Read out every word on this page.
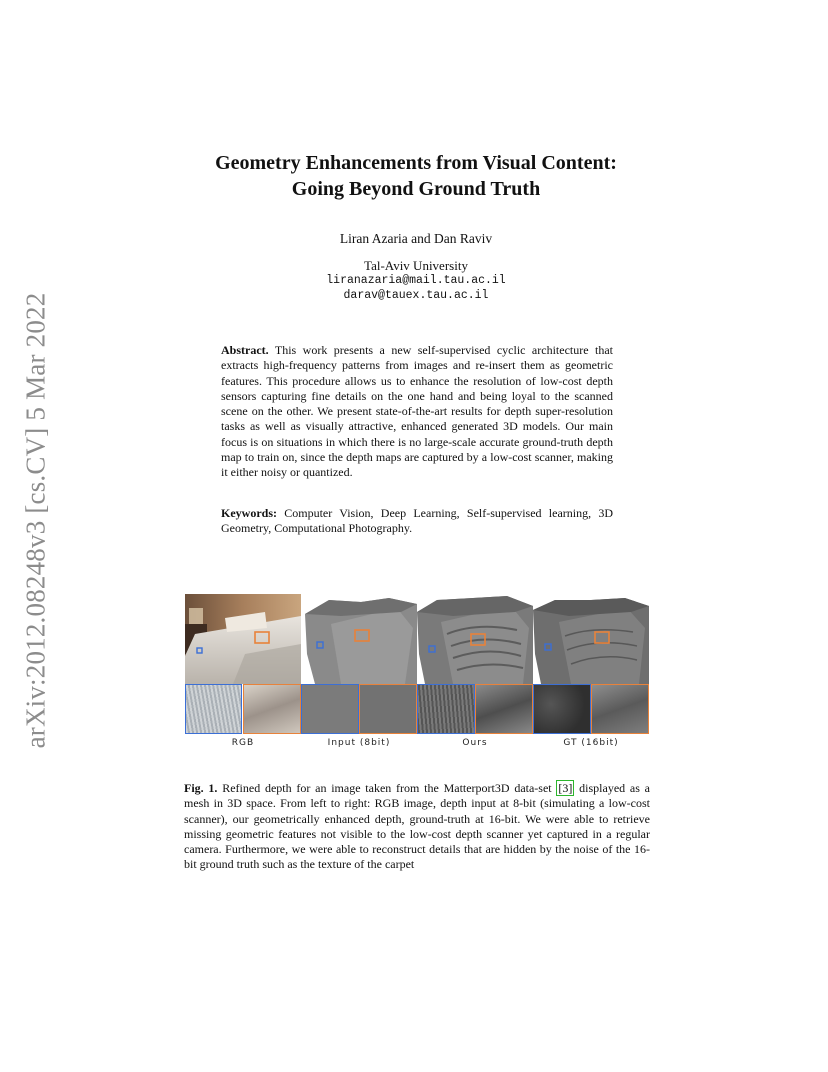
arXiv:2012.08248v3 [cs.CV] 5 Mar 2022
Geometry Enhancements from Visual Content:
Going Beyond Ground Truth
Liran Azaria and Dan Raviv
Tal-Aviv University
liranazaria@mail.tau.ac.il
darav@tauex.tau.ac.il
Abstract. This work presents a new self-supervised cyclic architecture that extracts high-frequency patterns from images and re-insert them as geometric features. This procedure allows us to enhance the resolution of low-cost depth sensors capturing fine details on the one hand and being loyal to the scanned scene on the other. We present state-of-the-art results for depth super-resolution tasks as well as visually attractive, enhanced generated 3D models. Our main focus is on situations in which there is no large-scale accurate ground-truth depth map to train on, since the depth maps are captured by a low-cost scanner, making it either noisy or quantized.
Keywords: Computer Vision, Deep Learning, Self-supervised learning, 3D Geometry, Computational Photography.
RGB	Input (8bit)	Ours	GT (16bit)
Fig. 1. Refined depth for an image taken from the Matterport3D data-set [3] displayed as a mesh in 3D space. From left to right: RGB image, depth input at 8-bit (simulating a low-cost scanner), our geometrically enhanced depth, ground-truth at 16-bit. We were able to retrieve missing geometric features not visible to the low-cost depth scanner yet captured in a regular camera. Furthermore, we were able to reconstruct details that are hidden by the noise of the 16-bit ground truth such as the texture of the carpet
